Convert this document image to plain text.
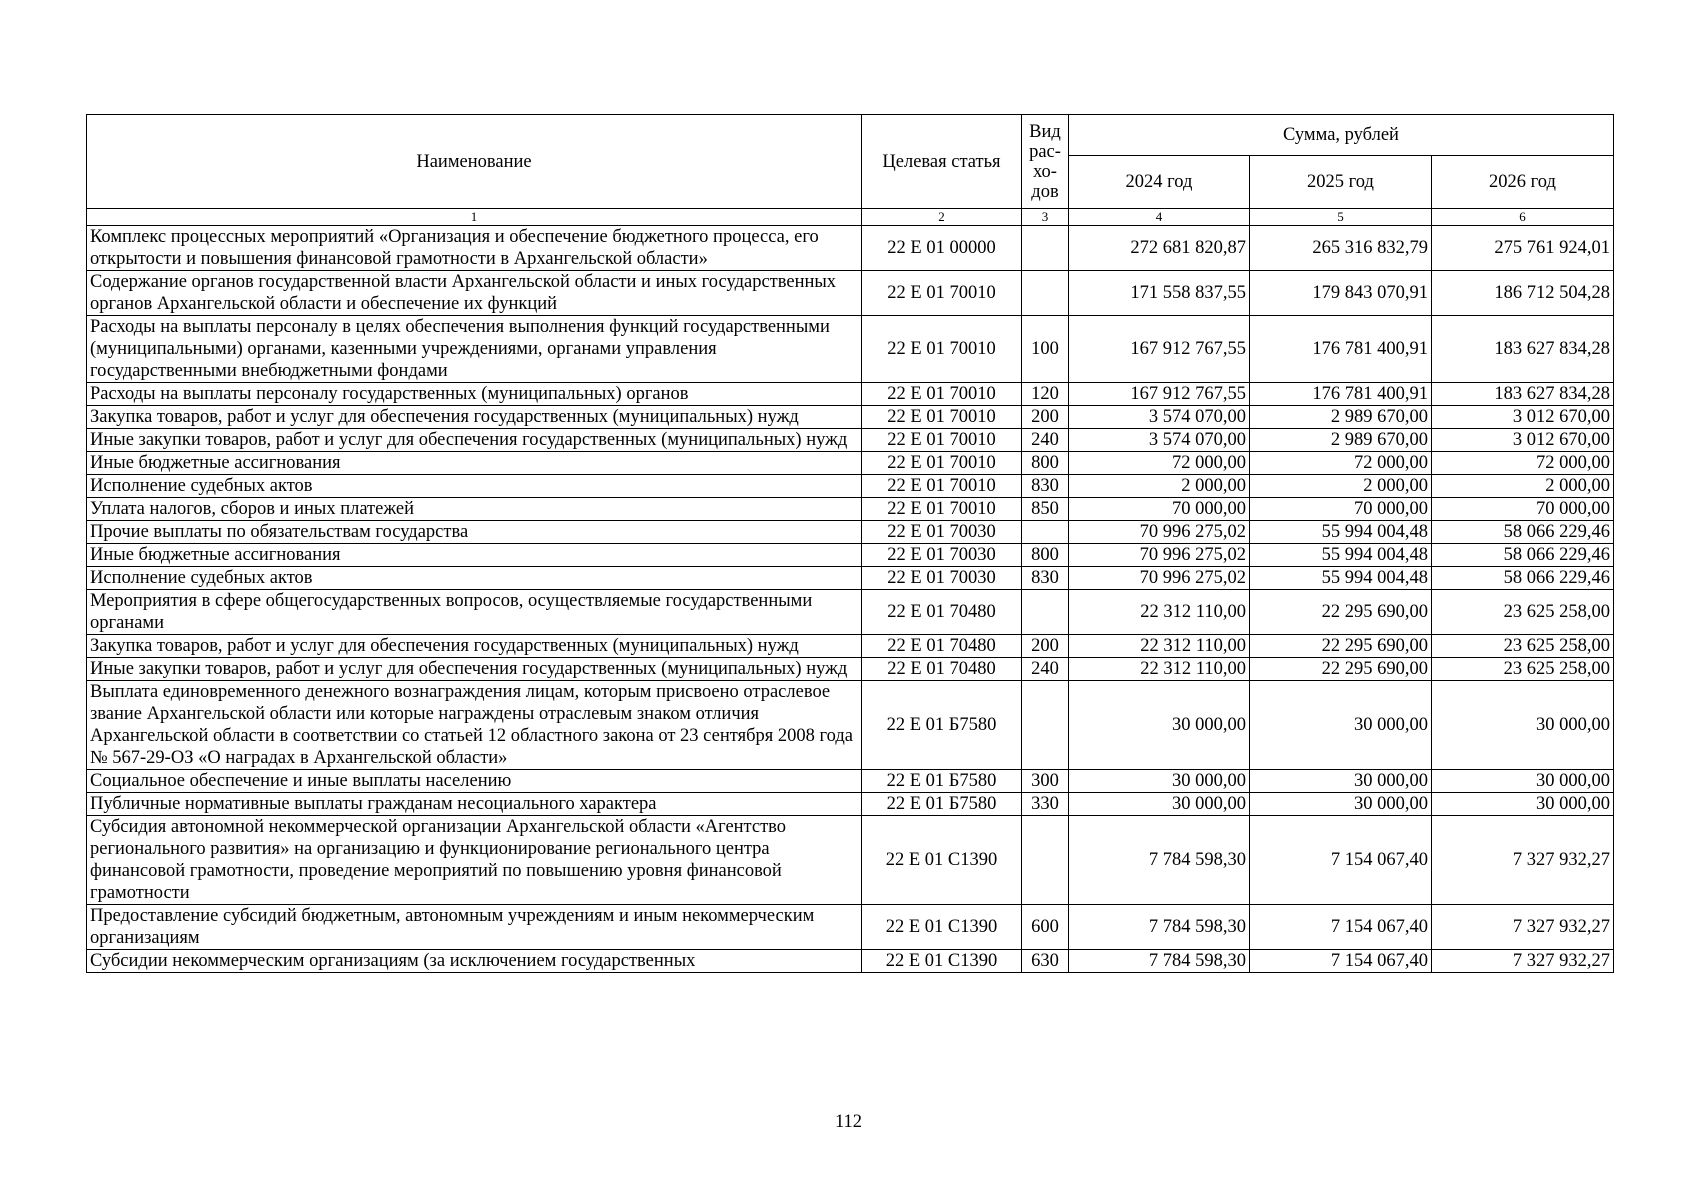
Наименование	Целевая статья	Вид рас-хо-дов	Сумма, рублей		
			2024 год	2025 год	2026 год
1	2	3	4	5	6
Комплекс процессных мероприятий «Организация и обеспечение бюджетного процесса, его открытости и повышения финансовой грамотности в Архангельской области»	22 Е 01 00000		272 681 820,87	265 316 832,79	275 761 924,01
Содержание органов государственной власти Архангельской области и иных государственных органов Архангельской области и обеспечение их функций	22 Е 01 70010		171 558 837,55	179 843 070,91	186 712 504,28
Расходы на выплаты персоналу в целях обеспечения выполнения функций государственными (муниципальными) органами, казенными учреждениями, органами управления государственными внебюджетными фондами	22 Е 01 70010	100	167 912 767,55	176 781 400,91	183 627 834,28
Расходы на выплаты персоналу государственных (муниципальных) органов	22 Е 01 70010	120	167 912 767,55	176 781 400,91	183 627 834,28
Закупка товаров, работ и услуг для обеспечения государственных (муниципальных) нужд	22 Е 01 70010	200	3 574 070,00	2 989 670,00	3 012 670,00
Иные закупки товаров, работ и услуг для обеспечения государственных (муниципальных) нужд	22 Е 01 70010	240	3 574 070,00	2 989 670,00	3 012 670,00
Иные бюджетные ассигнования	22 Е 01 70010	800	72 000,00	72 000,00	72 000,00
Исполнение судебных актов	22 Е 01 70010	830	2 000,00	2 000,00	2 000,00
Уплата налогов, сборов и иных платежей	22 Е 01 70010	850	70 000,00	70 000,00	70 000,00
Прочие выплаты по обязательствам государства	22 Е 01 70030		70 996 275,02	55 994 004,48	58 066 229,46
Иные бюджетные ассигнования	22 Е 01 70030	800	70 996 275,02	55 994 004,48	58 066 229,46
Исполнение судебных актов	22 Е 01 70030	830	70 996 275,02	55 994 004,48	58 066 229,46
Мероприятия в сфере общегосударственных вопросов, осуществляемые государственными органами	22 Е 01 70480		22 312 110,00	22 295 690,00	23 625 258,00
Закупка товаров, работ и услуг для обеспечения государственных (муниципальных) нужд	22 Е 01 70480	200	22 312 110,00	22 295 690,00	23 625 258,00
Иные закупки товаров, работ и услуг для обеспечения государственных (муниципальных) нужд	22 Е 01 70480	240	22 312 110,00	22 295 690,00	23 625 258,00
Выплата единовременного денежного вознаграждения лицам, которым присвоено отраслевое звание Архангельской области или которые награждены отраслевым знаком отличия Архангельской области в соответствии со статьей 12 областного закона от 23 сентября 2008 года № 567-29-ОЗ «О наградах в Архангельской области»	22 Е 01 Б7580		30 000,00	30 000,00	30 000,00
Социальное обеспечение и иные выплаты населению	22 Е 01 Б7580	300	30 000,00	30 000,00	30 000,00
Публичные нормативные выплаты гражданам несоциального характера	22 Е 01 Б7580	330	30 000,00	30 000,00	30 000,00
Субсидия автономной некоммерческой организации Архангельской области «Агентство регионального развития» на организацию и функционирование регионального центра финансовой грамотности, проведение мероприятий по повышению уровня финансовой грамотности	22 Е 01 С1390		7 784 598,30	7 154 067,40	7 327 932,27
Предоставление субсидий бюджетным, автономным учреждениям и иным некоммерческим организациям	22 Е 01 С1390	600	7 784 598,30	7 154 067,40	7 327 932,27
Субсидии некоммерческим организациям (за исключением государственных	22 Е 01 С1390	630	7 784 598,30	7 154 067,40	7 327 932,27
112
